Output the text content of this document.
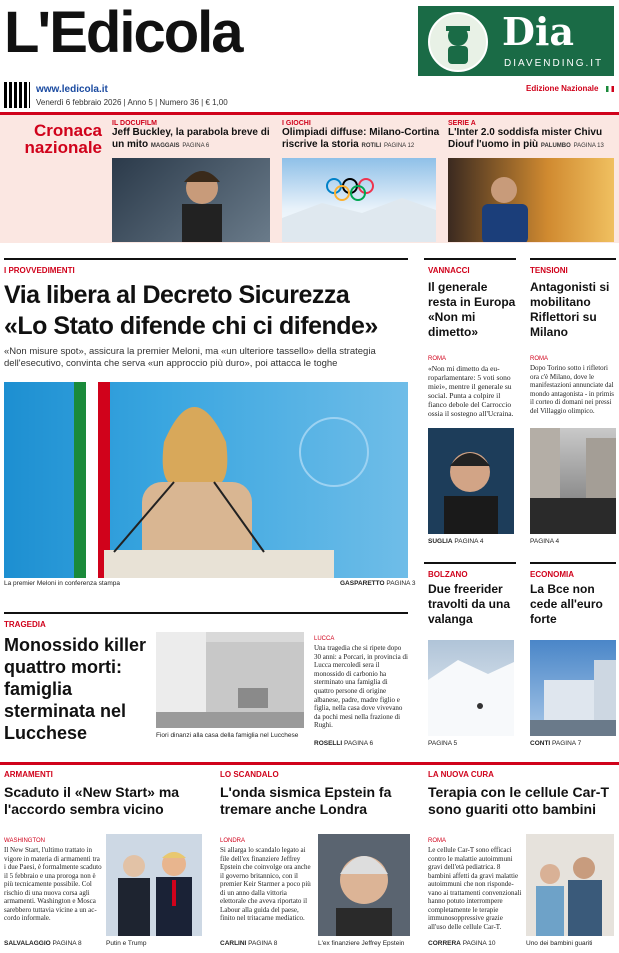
L'Edicola	Dia
DIAVENDING.IT
www.ledicola.it
Venerdì 6 febbraio 2026 | Anno 5 | Numero 36 | € 1,00
Edizione Nazionale
Cronaca nazionale
IL DOCUFILM
Jeff Buckley, la parabola breve di un mito MAGGAIS PAGINA 6
I GIOCHI
Olimpiadi diffuse: Milano-Cortina riscrive la storia ROTILI PAGINA 12
SERIE A
L'Inter 2.0 soddisfa mister Chivu Diouf l'uomo in più PALUMBO PAGINA 13
I PROVVEDIMENTI
Via libera al Decreto Sicurezza
«Lo Stato difende chi ci difende»
«Non misure spot», assicura la premier Meloni, ma «un ulteriore tassello» della strategia dell'esecutivo, convinta che serva «un approccio più duro», poi attacca le toghe
La premier Meloni in conferenza stampa	GASPARETTO PAGINA 3
VANNACCI
Il generale resta in Europa «Non mi dimetto»
ROMA
«Non mi dimetto da europarlamentare: 5 voti sono miei», mentre il generale su social. Punta a colpire il fianco debole del Carroccio ossia il sostegno all'Ucraina.
SUGLIA PAGINA 4
TENSIONI
Antagonisti si mobilitano Riflettori su Milano
ROMA
Dopo Torino sotto i rifletori ora c'è Milano, dove le manifestazioni annunciate dal mondo antagonista - in primis il corteo di domani nei pressi del Villaggio olimpico.
PAGINA 4
TRAGEDIA
Monossido killer quattro morti: famiglia sterminata nel Lucchese	Fiori dinanzi alla casa della famiglia nel Lucchese
LUCCA
Una tragedia che si ripete dopo 30 anni: a Porcari, in provincia di Lucca mercoledì sera il monossido di carbonio ha sterminato una famiglia di quattro persone di origine albanese, padre, madre figlio e figlia, nella casa dove vivevano da pochi mesi nella frazione di Rughi.
ROSELLI PAGINA 6
BOLZANO
Due freerider travolti da una valanga
PAGINA 5
ECONOMIA
La Bce non cede all'euro forte
CONTI PAGINA 7
ARMAMENTI
Scaduto il «New Start» ma l'accordo sembra vicino
WASHINGTON
Il New Start, l'ultimo trattato in vigore in materia di armamenti tra i due Paesi, è formalmente scaduto il 5 febbraio e una proroga non è più tecnicamente possibile. Col rischio di una nuova corsa agli armamenti. Washington e Mosca sarebbero tuttavia vicine a un accordo informale.
SALVALAGGIO PAGINA 8	Putin e Trump
LO SCANDALO
L'onda sismica Epstein fa tremare anche Londra
LONDRA
Si allarga lo scandalo legato ai file dell'ex finanziere Jeffrey Epstein che coinvolge ora anche il governo britannico, con il premier Keir Starmer a poco più di un anno dalla vittoria elettorale che aveva riportato il Labour alla guida del paese, finito nel tritacarne mediatico.
CARLINI PAGINA 8	L'ex finanziere Jeffrey Epstein
LA NUOVA CURA
Terapia con le cellule Car-T sono guariti otto bambini
ROMA
Le cellule Car-T sono efficaci contro le malattie autoimmuni gravi dell'età pediatrica. 8 bambini affetti da gravi malattie autoimmuni che non rispondevano ai trattamenti convenzionali hanno potuto interrompere completamente le terapie immunosoppressive grazie all'uso delle cellule Car-T.
CORRERA PAGINA 10	Uno dei bambini guariti
